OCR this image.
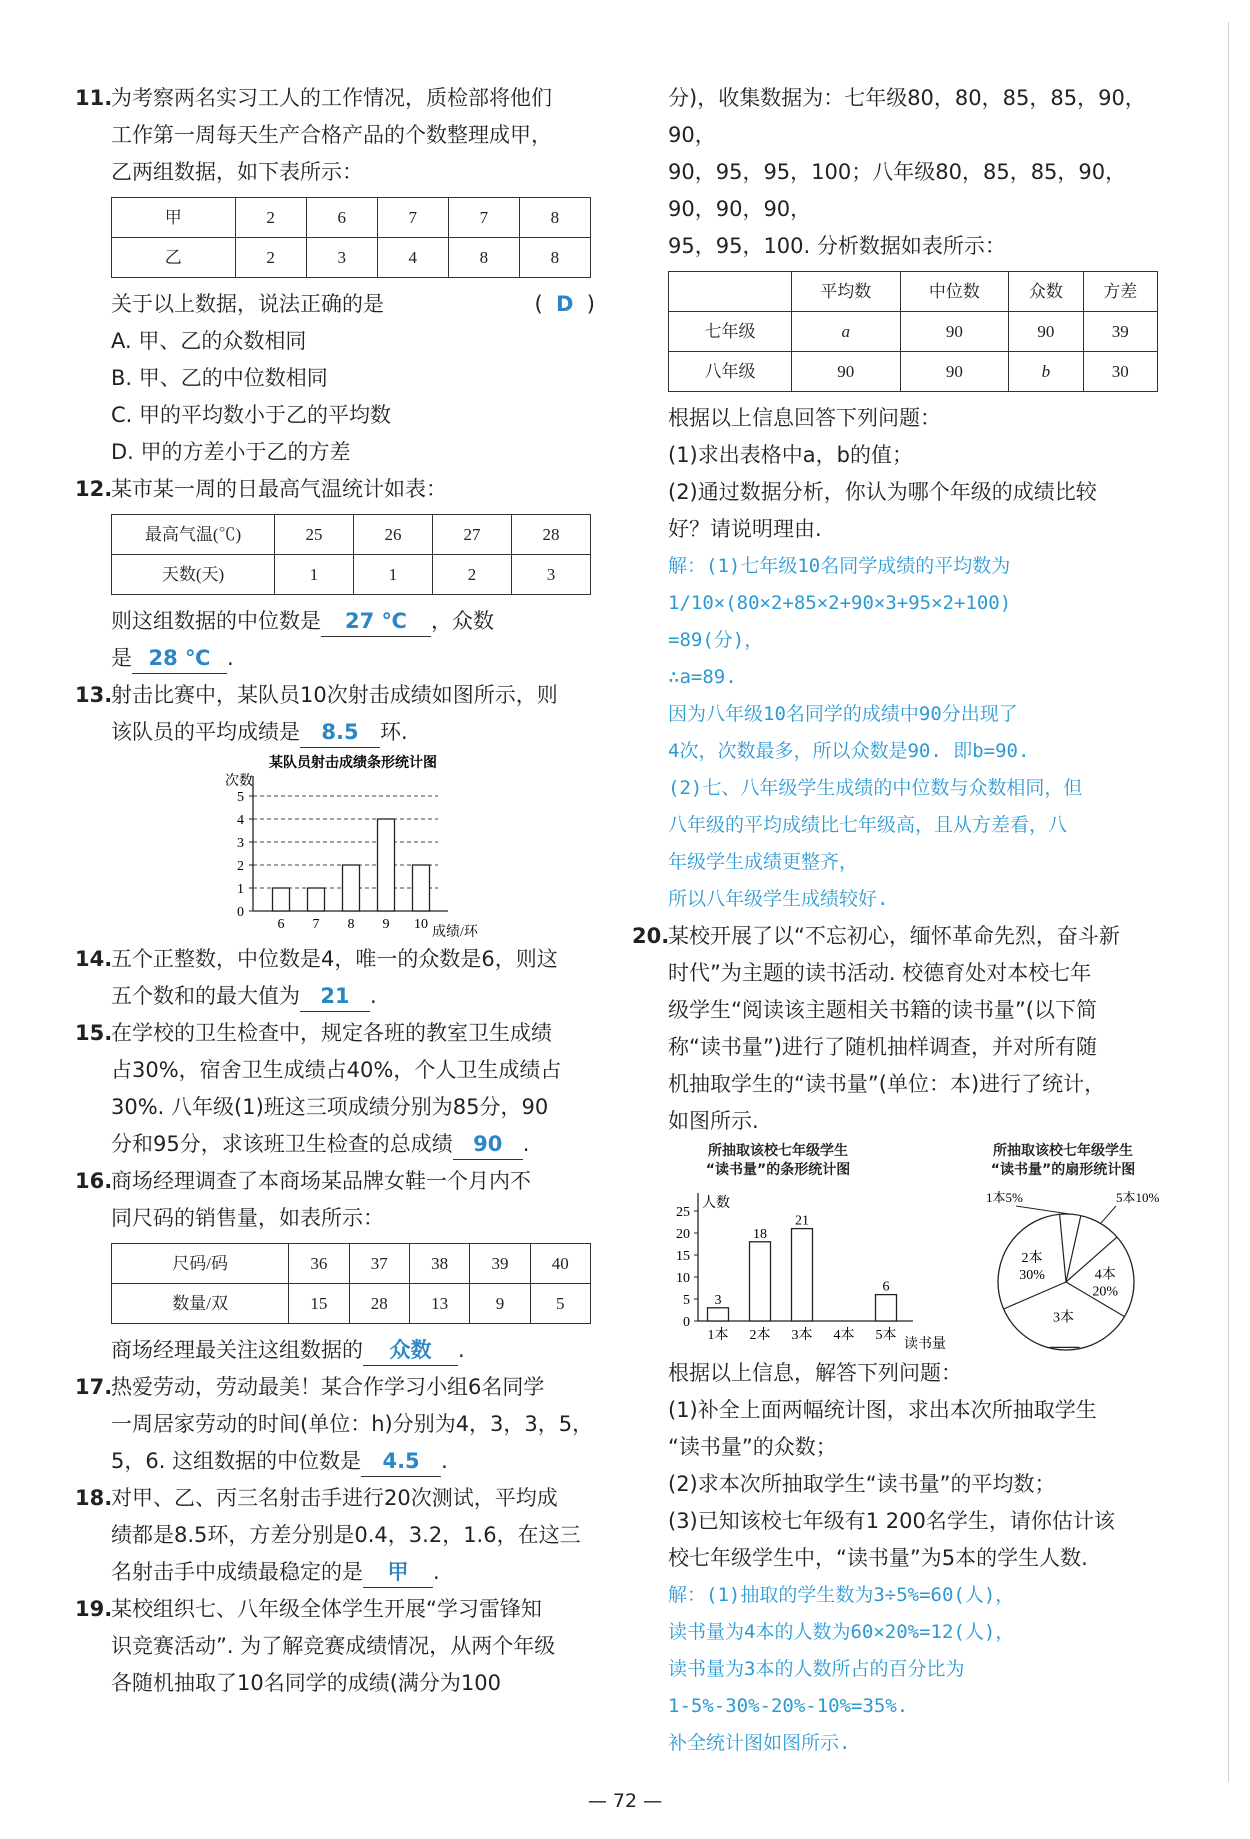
11.
为考察两名实习工人的工作情况，质检部将他们
工作第一周每天生产合格产品的个数整理成甲，
乙两组数据，如下表所示：
甲	2	6	7	7	8
乙	2	3	4	8	8
关于以上数据，说法正确的是	(  D  )
A. 甲、乙的众数相同
B. 甲、乙的中位数相同
C. 甲的平均数小于乙的平均数
D. 甲的方差小于乙的方差
12.
某市某一周的日最高气温统计如表：
最高气温(℃)	25	26	27	28
天数(天)	1	1	2	3
则这组数据的中位数是 27 ℃ ，众数
是 28 ℃ .
13.
射击比赛中，某队员10次射击成绩如图所示，则
该队员的平均成绩是 8.5 环.
某队员射击成绩条形统计图
次数
成绩/环
0
1
2
3
4
5
6 7 8 9 10
14.
五个正整数，中位数是4，唯一的众数是6，则这
五个数和的最大值为 21 .
15.
在学校的卫生检查中，规定各班的教室卫生成绩
占30%，宿舍卫生成绩占40%，个人卫生成绩占
30%. 八年级(1)班这三项成绩分别为85分，90
分和95分，求该班卫生检查的总成绩 90 .
16.
商场经理调查了本商场某品牌女鞋一个月内不
同尺码的销售量，如表所示：
尺码/码	36	37	38	39	40
数量/双	15	28	13	9	5
商场经理最关注这组数据的 众数 .
17.
热爱劳动，劳动最美！某合作学习小组6名同学
一周居家劳动的时间(单位：h)分别为4，3，3，5，
5，6. 这组数据的中位数是 4.5 .
18.
对甲、乙、丙三名射击手进行20次测试，平均成
绩都是8.5环，方差分别是0.4，3.2，1.6，在这三
名射击手中成绩最稳定的是 甲 .
19.
某校组织七、八年级全体学生开展“学习雷锋知
识竞赛活动”. 为了解竞赛成绩情况，从两个年级
各随机抽取了10名同学的成绩(满分为100
分)，收集数据为：七年级80，80，85，85，90，90，
90，95，95，100；八年级80，85，85，90，90，90，90，
95，95，100. 分析数据如表所示：
	平均数	中位数	众数	方差
七年级	a	90	90	39
八年级	90	90	b	30
根据以上信息回答下列问题：
(1)求出表格中a，b的值；
(2)通过数据分析，你认为哪个年级的成绩比较
好？请说明理由.
解：(1)七年级10名同学成绩的平均数为
1/10×(80×2+85×2+90×3+95×2+100)
=89(分)，
∴a=89.
因为八年级10名同学的成绩中90分出现了
4次，次数最多，所以众数是90. 即b=90.
(2)七、八年级学生成绩的中位数与众数相同，但
八年级的平均成绩比七年级高，且从方差看，八
年级学生成绩更整齐，
所以八年级学生成绩较好.
20.
某校开展了以“不忘初心，缅怀革命先烈，奋斗新
时代”为主题的读书活动. 校德育处对本校七年
级学生“阅读该主题相关书籍的读书量”(以下简
称“读书量”)进行了随机抽样调查，并对所有随
机抽取学生的“读书量”(单位：本)进行了统计，
如图所示.
所抽取该校七年级学生
“读书量”的条形统计图
所抽取该校七年级学生
“读书量”的扇形统计图
人数
读书量
0
5
10
15
20
25
3
1本
18
2本
21
3本 4本
6
5本
1本5%	5本10%
4本
20%
3本
2本
30%
根据以上信息，解答下列问题：
(1)补全上面两幅统计图，求出本次所抽取学生
“读书量”的众数；
(2)求本次所抽取学生“读书量”的平均数；
(3)已知该校七年级有1 200名学生，请你估计该
校七年级学生中，“读书量”为5本的学生人数.
解：(1)抽取的学生数为3÷5%=60(人)，
读书量为4本的人数为60×20%=12(人)，
读书量为3本的人数所占的百分比为
1-5%-30%-20%-10%=35%.
补全统计图如图所示.
— 72 —
